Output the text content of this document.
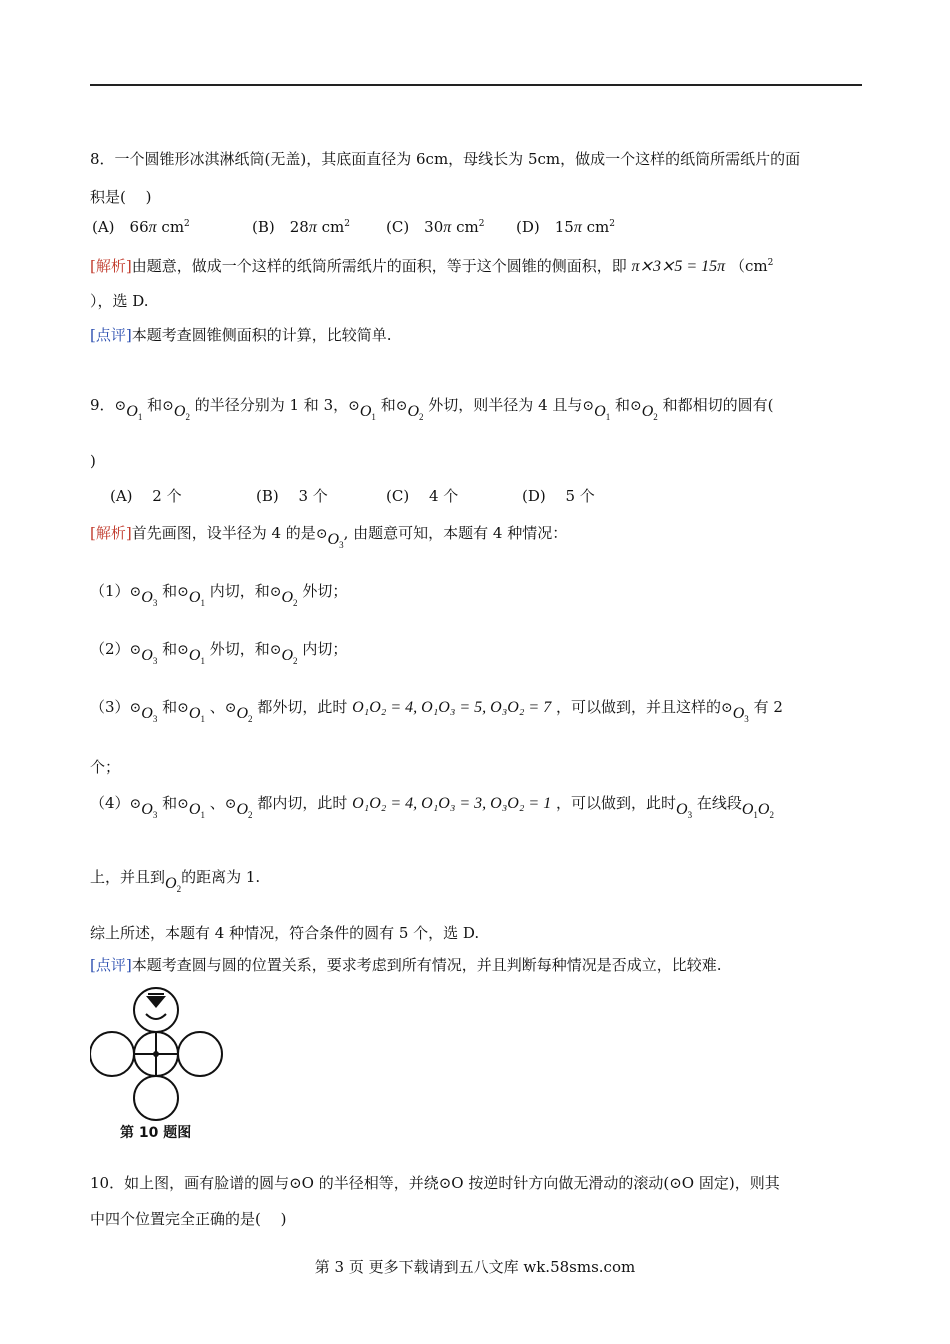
8．一个圆锥形冰淇淋纸筒(无盖)，其底面直径为 6cm，母线长为 5cm，做成一个这样的纸筒所需纸片的面
积是(　 )
(A)　66π $cm^2$	(B)　28π $cm^2$ (C)　30π $cm^2$ (D)　15π $cm^2$
[解析]由题意，做成一个这样的纸筒所需纸片的面积，等于这个圆锥的侧面积，即 π⨯3⨯5 = 15π （$cm^2$
），选 D.
[点评]本题考查圆锥侧面积的计算，比较简单.
9．$⊙O_1$ 和$⊙O_2$ 的半径分别为 1 和 3，$⊙O_1$ 和$⊙O_2$ 外切，则半径为 4 且与$⊙O_1$ 和$⊙O_2$ 和都相切的圆有(
)
(A)　 2 个	(B)　 3 个	(C)　 4 个	(D)　 5 个
[解析]首先画图，设半径为 4 的是$⊙O_3$, 由题意可知，本题有 4 种情况：
$(1)⊙O_3$ 和$⊙O_1$ 内切，和$⊙O_2$ 外切；
$(2)⊙O_3$ 和$⊙O_1$ 外切，和$⊙O_2$ 内切；
$(3)⊙O_3$ 和$⊙O_1$ 、$⊙O_2$ 都外切，此时 O₁O₂ = 4, O₁O₃ = 5, O₃O₂ = 7 ，可以做到，并且这样的$⊙O_3$ 有 2
个；
$(4)⊙O_3$ 和$⊙O_1$ 、$⊙O_2$ 都内切，此时 O₁O₂ = 4, O₁O₃ = 3, O₃O₂ = 1 ，可以做到，此时$O_3$ 在线段$O_1O_2$
上，并且到$O_2$的距离为 1.
综上所述，本题有 4 种情况，符合条件的圆有 5 个，选 D.
[点评]本题考查圆与圆的位置关系，要求考虑到所有情况，并且判断每种情况是否成立，比较难.
第 10 题图
10．如上图，画有脸谱的圆与⊙O 的半径相等，并绕⊙O 按逆时针方向做无滑动的滚动(⊙O 固定)，则其
中四个位置完全正确的是(　 )
第 3 页 更多下载请到五八文库 wk.58sms.com
